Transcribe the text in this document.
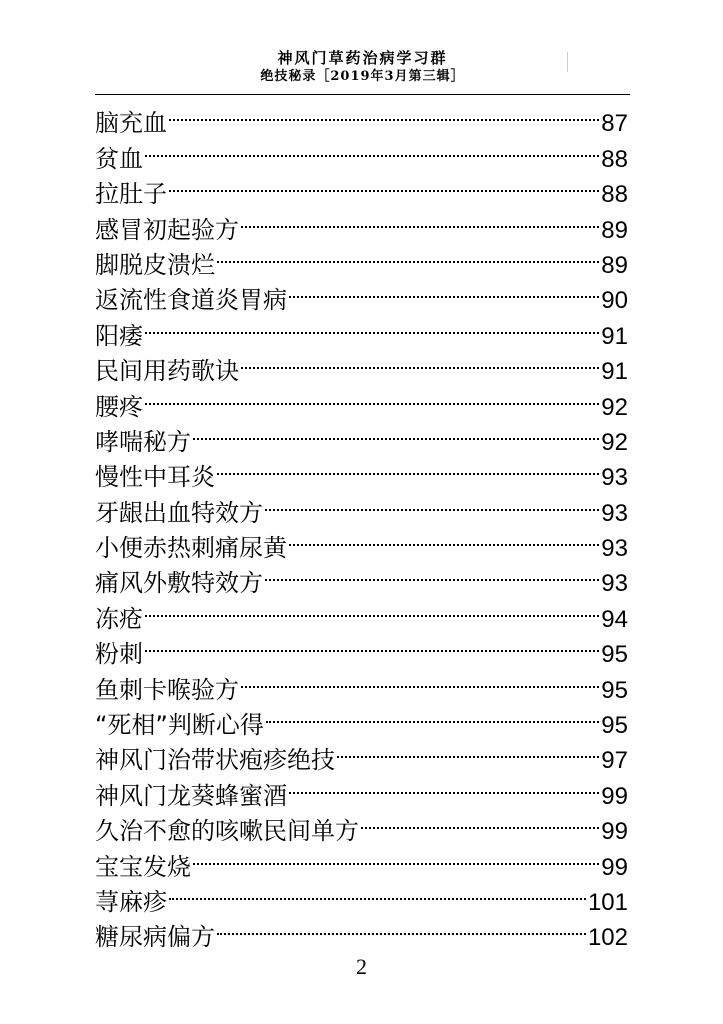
神风门草药治病学习群
绝技秘录［2019年3月第三辑］
脑充血	87
贫血	88
拉肚子	88
感冒初起验方	89
脚脱皮溃烂	89
返流性食道炎胃病	90
阳痿	91
民间用药歌诀	91
腰疼	92
哮喘秘方	92
慢性中耳炎	93
牙龈出血特效方	93
小便赤热刺痛尿黄	93
痛风外敷特效方	93
冻疮	94
粉刺	95
鱼刺卡喉验方	95
“死相”判断心得	95
神风门治带状疱疹绝技	97
神风门龙葵蜂蜜酒	99
久治不愈的咳嗽民间单方	99
宝宝发烧	99
荨麻疹	101
糖尿病偏方	102
2
